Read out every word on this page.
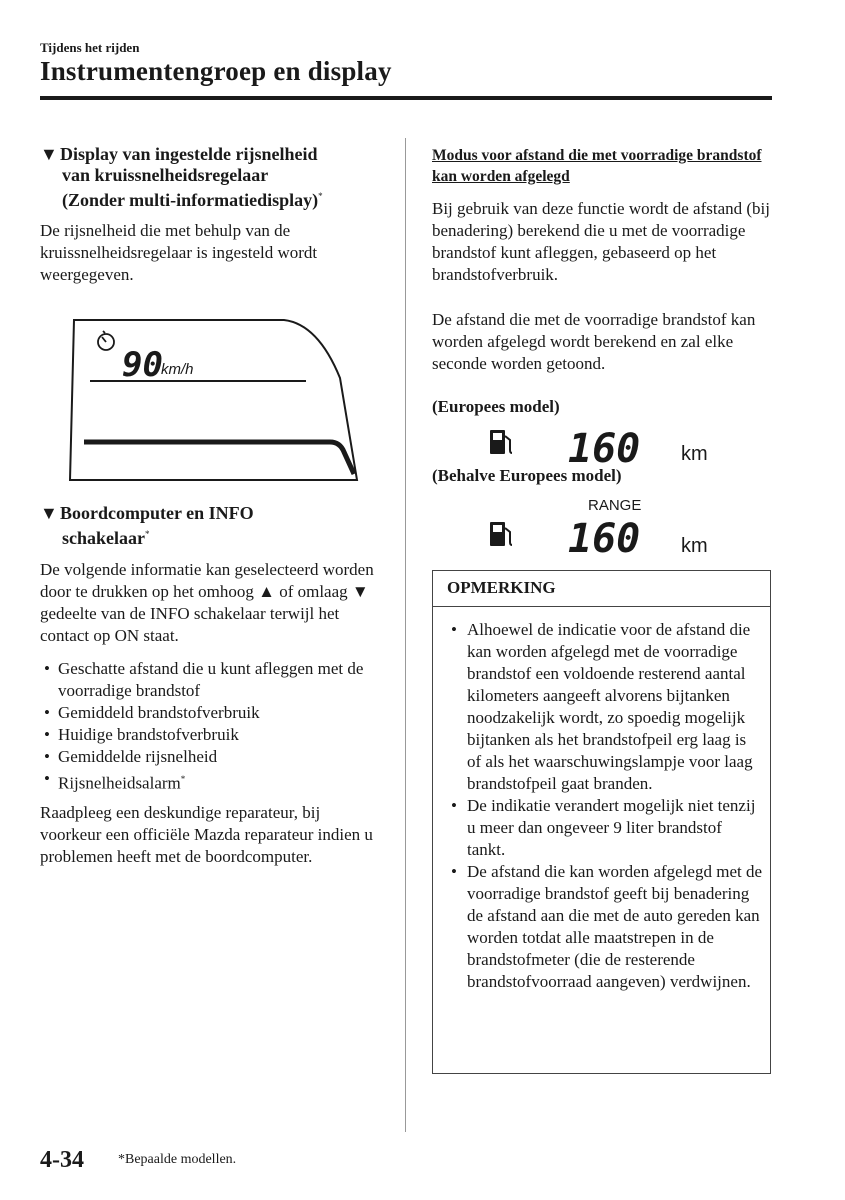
Tijdens het rijden
Instrumentengroep en display
▼ Display van ingestelde rijsnelheid
van kruissnelheidsregelaar
(Zonder multi-informatiedisplay)*
De rijsnelheid die met behulp van de kruissnelheidsregelaar is ingesteld wordt weergegeven.
90
km/h
▼ Boordcomputer en INFO
schakelaar*
De volgende informatie kan geselecteerd worden door te drukken op het omhoog ▲ of omlaag ▼ gedeelte van de INFO schakelaar terwijl het contact op ON staat.
• Geschatte afstand die u kunt afleggen met de voorradige brandstof
• Gemiddeld brandstofverbruik
• Huidige brandstofverbruik
• Gemiddelde rijsnelheid
• Rijsnelheidsalarm*
Raadpleeg een deskundige reparateur, bij voorkeur een officiële Mazda reparateur indien u problemen heeft met de boordcomputer.
Modus voor afstand die met voorradige brandstof kan worden afgelegd
Bij gebruik van deze functie wordt de afstand (bij benadering) berekend die u met de voorradige brandstof kunt afleggen, gebaseerd op het brandstofverbruik.
De afstand die met de voorradige brandstof kan worden afgelegd wordt berekend en zal elke seconde worden getoond.
(Europees model)
160 km
(Behalve Europees model)
RANGE
160 km
OPMERKING
• Alhoewel de indicatie voor de afstand die kan worden afgelegd met de voorradige brandstof een voldoende resterend aantal kilometers aangeeft alvorens bijtanken noodzakelijk wordt, zo spoedig mogelijk bijtanken als het brandstofpeil erg laag is of als het waarschuwingslampje voor laag brandstofpeil gaat branden.
• De indikatie verandert mogelijk niet tenzij u meer dan ongeveer 9 liter brandstof tankt.
• De afstand die kan worden afgelegd met de voorradige brandstof geeft bij benadering de afstand aan die met de auto gereden kan worden totdat alle maatstrepen in de brandstofmeter (die de resterende brandstofvoorraad aangeven) verdwijnen.
4-34 *Bepaalde modellen.
